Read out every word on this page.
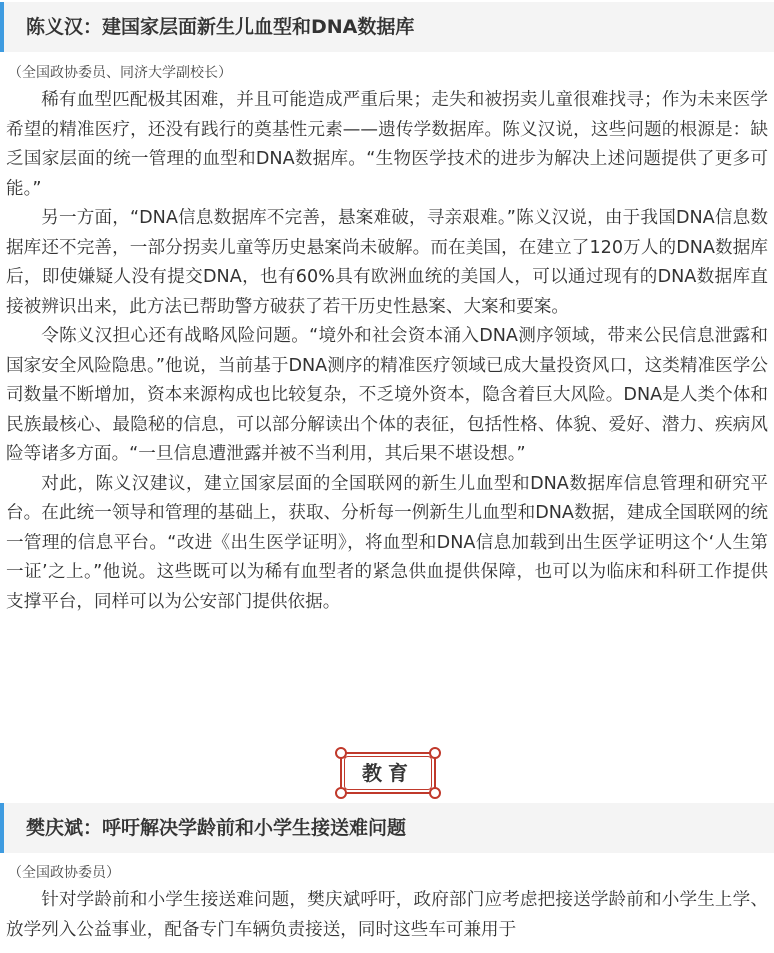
陈义汉：建国家层面新生儿血型和DNA数据库
（全国政协委员、同济大学副校长）

稀有血型匹配极其困难，并且可能造成严重后果；走失和被拐卖儿童很难找寻；作为未来医学希望的精准医疗，还没有践行的奠基性元素——遗传学数据库。陈义汉说，这些问题的根源是：缺乏国家层面的统一管理的血型和DNA数据库。“生物医学技术的进步为解决上述问题提供了更多可能。”

另一方面，“DNA信息数据库不完善，悬案难破，寻亲艰难。”陈义汉说，由于我国DNA信息数据库还不完善，一部分拐卖儿童等历史悬案尚未破解。而在美国，在建立了120万人的DNA数据库后，即使嫌疑人没有提交DNA，也有60%具有欧洲血统的美国人，可以通过现有的DNA数据库直接被辨识出来，此方法已帮助警方破获了若干历史性悬案、大案和要案。

令陈义汉担心还有战略风险问题。“境外和社会资本涌入DNA测序领域，带来公民信息泄露和国家安全风险隐患。”他说，当前基于DNA测序的精准医疗领域已成大量投资风口，这类精准医学公司数量不断增加，资本来源构成也比较复杂，不乏境外资本，隐含着巨大风险。DNA是人类个体和民族最核心、最隐秘的信息，可以部分解读出个体的表征，包括性格、体貌、爱好、潜力、疾病风险等诸多方面。“一旦信息遭泄露并被不当利用，其后果不堪设想。”

对此，陈义汉建议，建立国家层面的全国联网的新生儿血型和DNA数据库信息管理和研究平台。在此统一领导和管理的基础上，获取、分析每一例新生儿血型和DNA数据，建成全国联网的统一管理的信息平台。“改进《出生医学证明》，将血型和DNA信息加载到出生医学证明这个‘人生第一证’之上。”他说。这些既可以为稀有血型者的紧急供血提供保障，也可以为临床和科研工作提供支撑平台，同样可以为公安部门提供依据。

教育
樊庆斌：呼吁解决学龄前和小学生接送难问题
（全国政协委员）

针对学龄前和小学生接送难问题，樊庆斌呼吁，政府部门应考虑把接送学龄前和小学生上学、放学列入公益事业，配备专门车辆负责接送，同时这些车可兼用于
